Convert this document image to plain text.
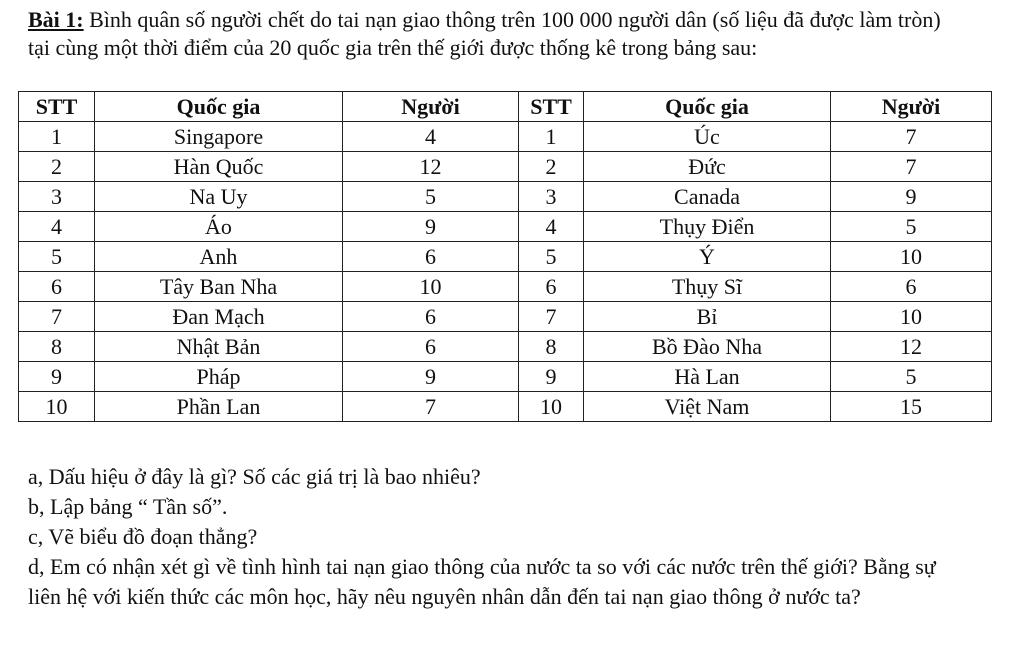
Bài 1: Bình quân số người chết do tai nạn giao thông trên 100 000 người dân (số liệu đã được làm tròn) tại cùng một thời điểm của 20 quốc gia trên thế giới được thống kê trong bảng sau:
STT	Quốc gia	Người	STT	Quốc gia	Người
1	Singapore	4	1	Úc	7
2	Hàn Quốc	12	2	Đức	7
3	Na Uy	5	3	Canada	9
4	Áo	9	4	Thụy Điển	5
5	Anh	6	5	Ý	10
6	Tây Ban Nha	10	6	Thụy Sĩ	6
7	Đan Mạch	6	7	Bỉ	10
8	Nhật Bản	6	8	Bồ Đào Nha	12
9	Pháp	9	9	Hà Lan	5
10	Phần Lan	7	10	Việt Nam	15

a, Dấu hiệu ở đây là gì? Số các giá trị là bao nhiêu?

b, Lập bảng “ Tần số”.

c, Vẽ biểu đồ đoạn thẳng?

d, Em có nhận xét gì về tình hình tai nạn giao thông của nước ta so với các nước trên thế giới? Bằng sự liên hệ với kiến thức các môn học, hãy nêu nguyên nhân dẫn đến tai nạn giao thông ở nước ta?
